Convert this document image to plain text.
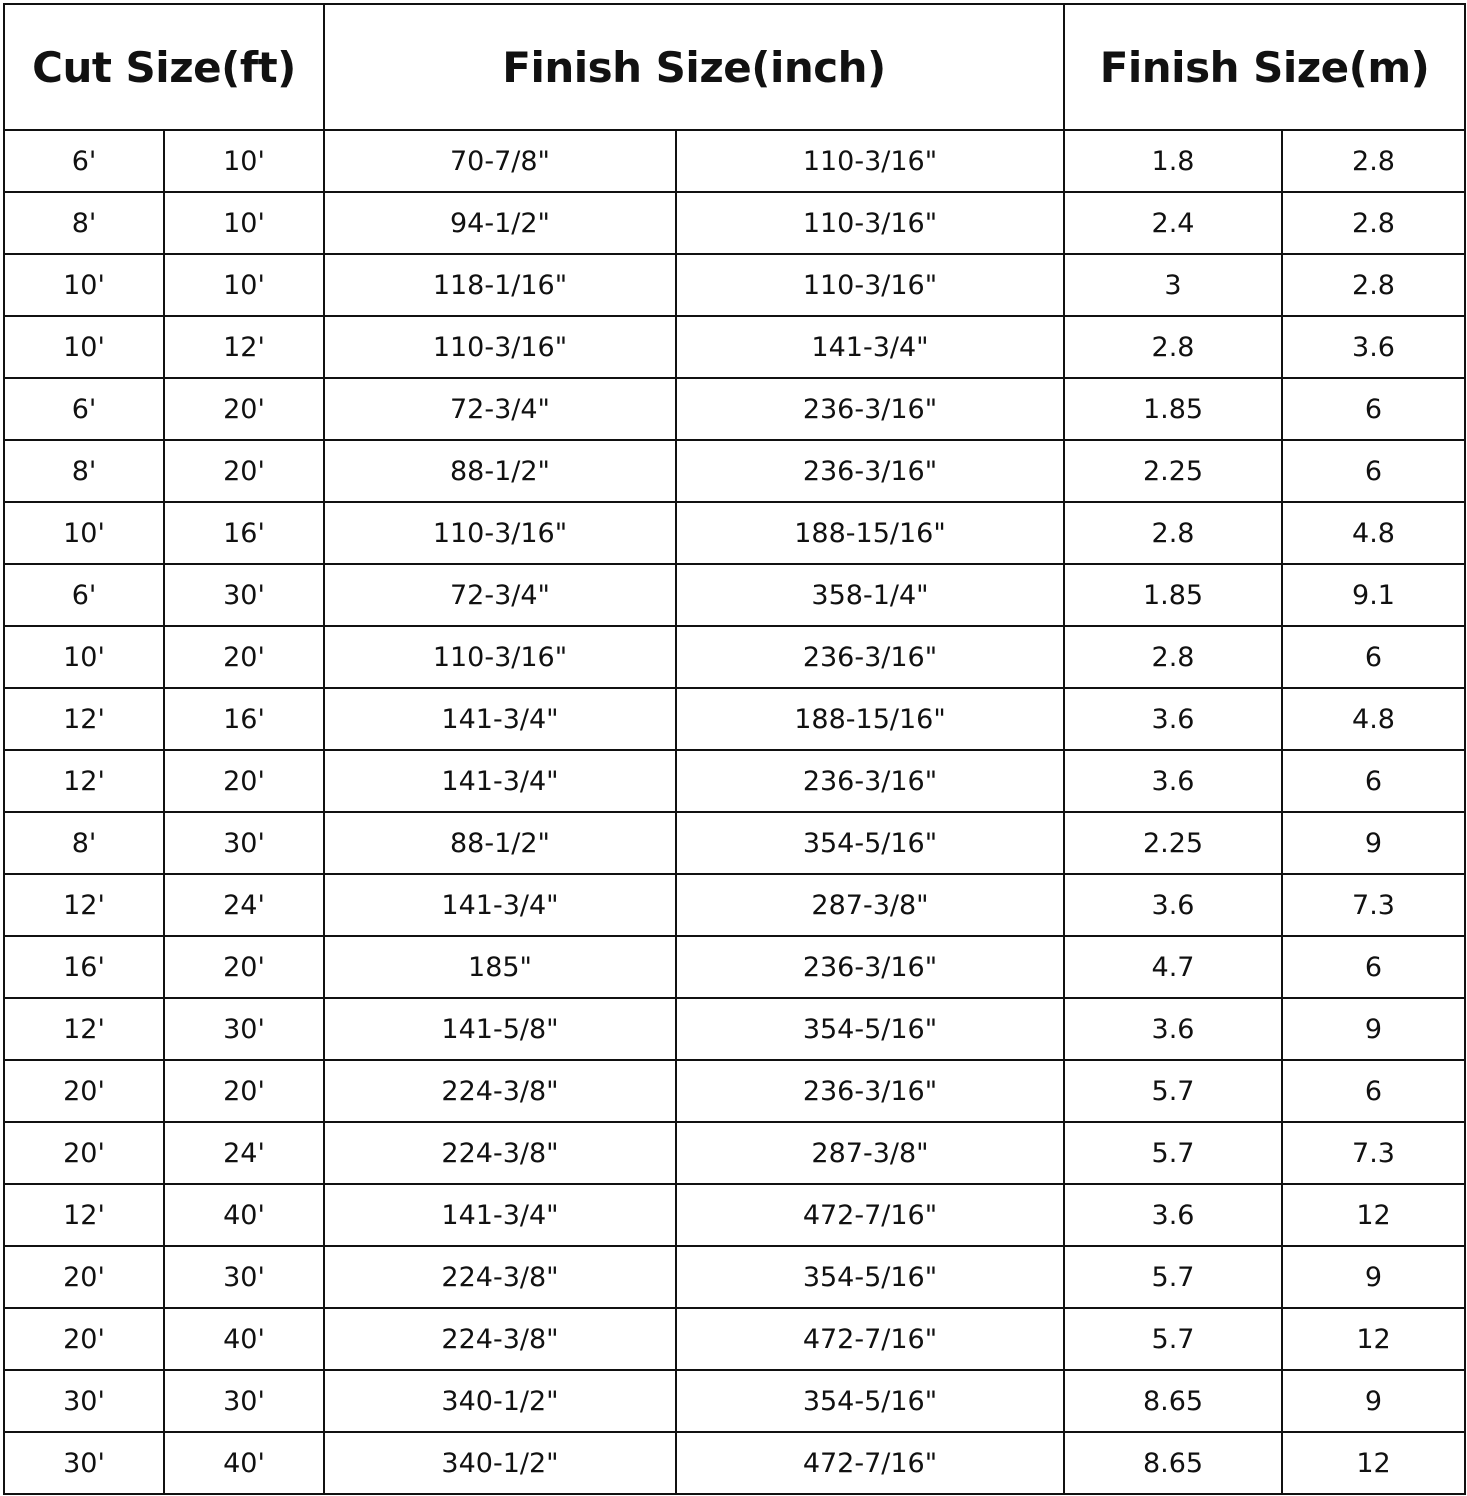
Cut Size(ft)		Finish Size(inch)		Finish Size(m)	
6'	10'	70-7/8"	110-3/16"	1.8	2.8
8'	10'	94-1/2"	110-3/16"	2.4	2.8
10'	10'	118-1/16"	110-3/16"	3	2.8
10'	12'	110-3/16"	141-3/4"	2.8	3.6
6'	20'	72-3/4"	236-3/16"	1.85	6
8'	20'	88-1/2"	236-3/16"	2.25	6
10'	16'	110-3/16"	188-15/16"	2.8	4.8
6'	30'	72-3/4"	358-1/4"	1.85	9.1
10'	20'	110-3/16"	236-3/16"	2.8	6
12'	16'	141-3/4"	188-15/16"	3.6	4.8
12'	20'	141-3/4"	236-3/16"	3.6	6
8'	30'	88-1/2"	354-5/16"	2.25	9
12'	24'	141-3/4"	287-3/8"	3.6	7.3
16'	20'	185"	236-3/16"	4.7	6
12'	30'	141-5/8"	354-5/16"	3.6	9
20'	20'	224-3/8"	236-3/16"	5.7	6
20'	24'	224-3/8"	287-3/8"	5.7	7.3
12'	40'	141-3/4"	472-7/16"	3.6	12
20'	30'	224-3/8"	354-5/16"	5.7	9
20'	40'	224-3/8"	472-7/16"	5.7	12
30'	30'	340-1/2"	354-5/16"	8.65	9
30'	40'	340-1/2"	472-7/16"	8.65	12
